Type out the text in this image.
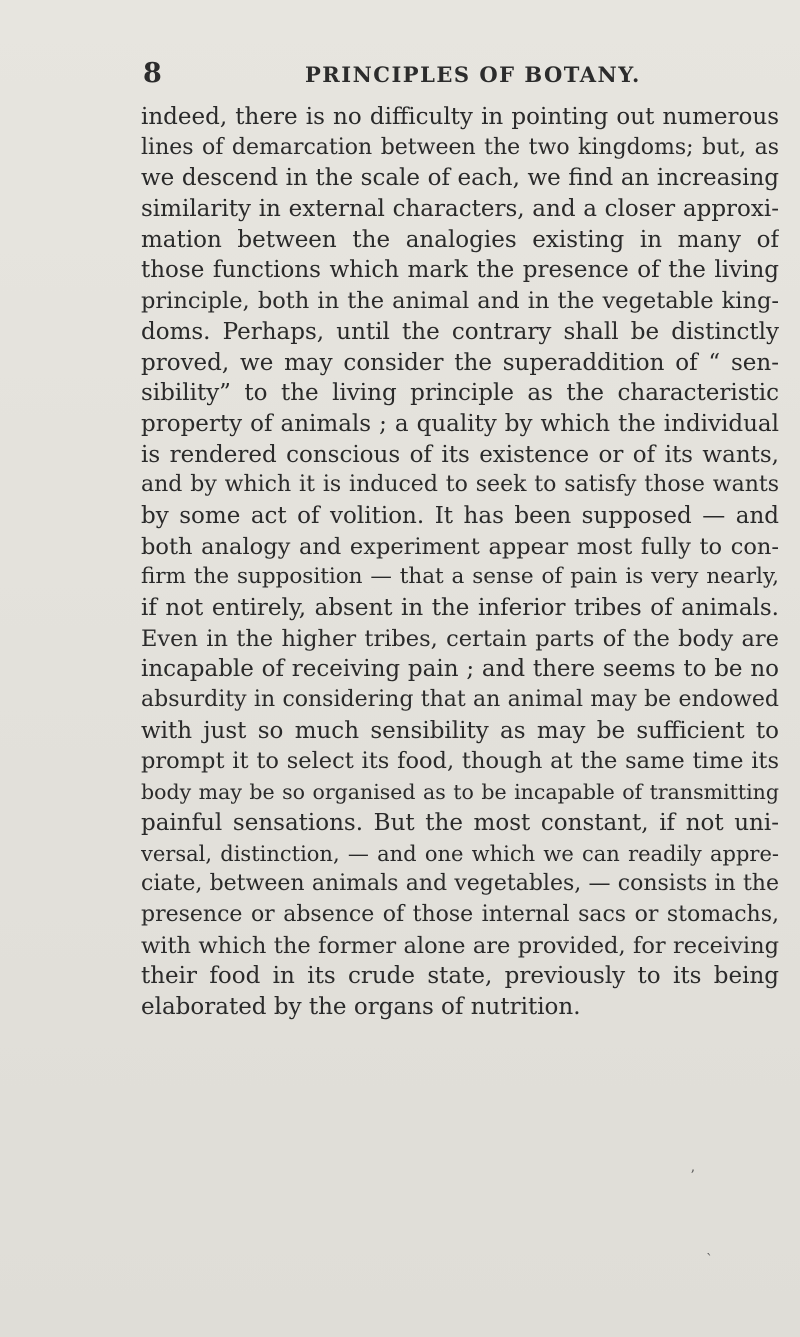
8	PRINCIPLES OF BOTANY.
indeed, there is no difficulty in pointing out numerous
lines of demarcation between the two kingdoms; but, as
we descend in the scale of each, we find an increasing
similarity in external characters, and a closer approxi-
mation between the analogies existing in many of
those functions which mark the presence of the living
principle, both in the animal and in the vegetable king-
doms. Perhaps, until the contrary shall be distinctly
proved, we may consider the superaddition of “ sen-
sibility” to the living principle as the characteristic
property of animals ; a quality by which the individual
is rendered conscious of its existence or of its wants,
and by which it is induced to seek to satisfy those wants
by some act of volition. It has been supposed — and
both analogy and experiment appear most fully to con-
firm the supposition — that a sense of pain is very nearly,
if not entirely, absent in the inferior tribes of animals.
Even in the higher tribes, certain parts of the body are
incapable of receiving pain ; and there seems to be no
absurdity in considering that an animal may be endowed
with just so much sensibility as may be sufficient to
prompt it to select its food, though at the same time its
body may be so organised as to be incapable of transmitting
painful sensations. But the most constant, if not uni-
versal, distinction, — and one which we can readily appre-
ciate, between animals and vegetables, — consists in the
presence or absence of those internal sacs or stomachs,
with which the former alone are provided, for receiving
their food in its crude state, previously to its being
elaborated by the organs of nutrition.
ʼ
ˋ
